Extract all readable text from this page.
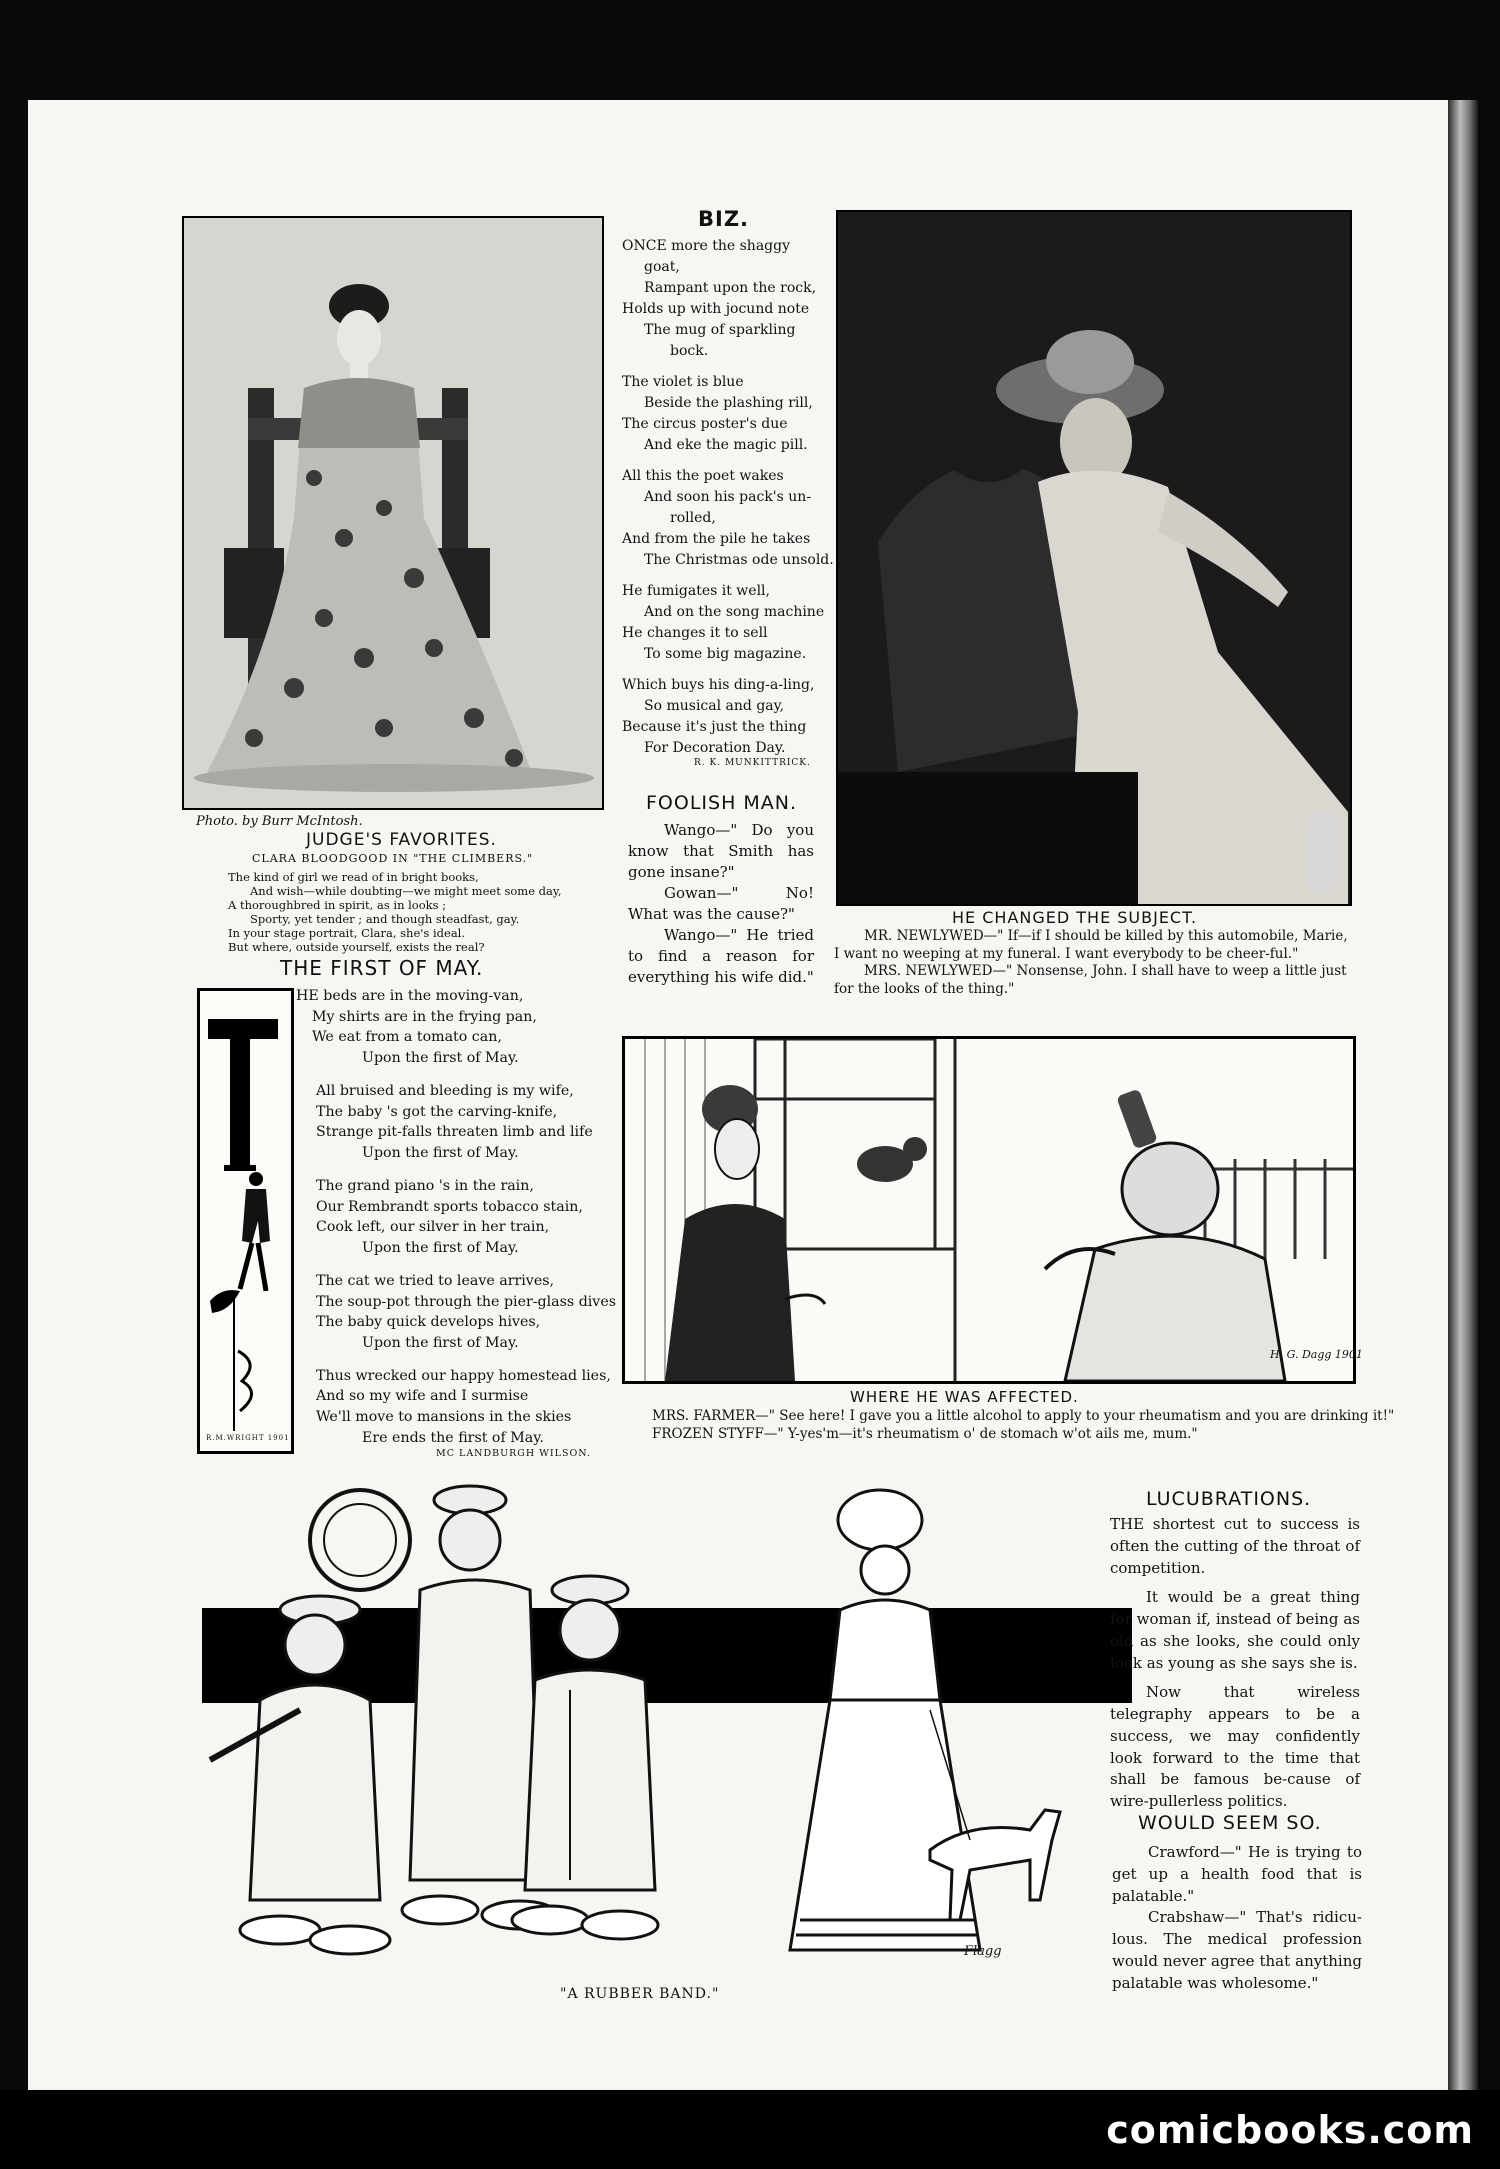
comicbooks.com
Photo. by Burr McIntosh.
JUDGE'S FAVORITES.
CLARA BLOODGOOD IN "THE CLIMBERS."

The kind of girl we read of in bright books,

And wish—while doubting—we might meet some day,

A thoroughbred in spirit, as in looks ;

Sporty, yet tender ; and though steadfast, gay.

In your stage portrait, Clara, she's ideal.

But where, outside yourself, exists the real?

BIZ.

ONCE more the shaggy

goat,

Rampant upon the rock,

Holds up with jocund note

The mug of sparkling

bock.

The violet is blue

Beside the plashing rill,

The circus poster's due

And eke the magic pill.

All this the poet wakes

And soon his pack's un-

rolled,

And from the pile he takes

The Christmas ode unsold.

He fumigates it well,

And on the song machine

He changes it to sell

To some big magazine.

Which buys his ding-a-ling,

So musical and gay,

Because it's just the thing

For Decoration Day.

R. K. MUNKITTRICK.
FOOLISH MAN.

Wango—" Do you know that Smith has gone insane?"

Gowan—" No! What was the cause?"

Wango—" He tried to find a reason for everything his wife did."

HE CHANGED THE SUBJECT.

MR. NEWLYWED—" If—if I should be killed by this automobile, Marie, I want no weeping at my funeral. I want everybody to be cheer-ful."

MRS. NEWLYWED—" Nonsense, John. I shall have to weep a little just for the looks of the thing."

THE FIRST OF MAY.
R.M.WRIGHT 1901

HE beds are in the moving-van,

My shirts are in the frying pan,

We eat from a tomato can,

Upon the first of May.

All bruised and bleeding is my wife,

The baby 's got the carving-knife,

Strange pit-falls threaten limb and life

Upon the first of May.

The grand piano 's in the rain,

Our Rembrandt sports tobacco stain,

Cook left, our silver in her train,

Upon the first of May.

The cat we tried to leave arrives,

The soup-pot through the pier-glass dives

The baby quick develops hives,

Upon the first of May.

Thus wrecked our happy homestead lies,

And so my wife and I surmise

We'll move to mansions in the skies

Ere ends the first of May.

MC LANDBURGH WILSON.
H. G. Dagg 1901
WHERE HE WAS AFFECTED.

MRS. FARMER—" See here! I gave you a little alcohol to apply to your rheumatism and you are drinking it!"

FROZEN STYFF—" Y-yes'm—it's rheumatism o' de stomach w'ot ails me, mum."

Flagg
"A RUBBER BAND."
LUCUBRATIONS.

THE shortest cut to success is often the cutting of the throat of competition.

It would be a great thing for woman if, instead of being as old as she looks, she could only look as young as she says she is.

Now that wireless telegraphy appears to be a success, we may confidently look forward to the time that shall be famous be-cause of wire-pullerless politics.

WOULD SEEM SO.

Crawford—" He is trying to get up a health food that is palatable."

Crabshaw—" That's ridicu-lous. The medical profession would never agree that anything palatable was wholesome."
